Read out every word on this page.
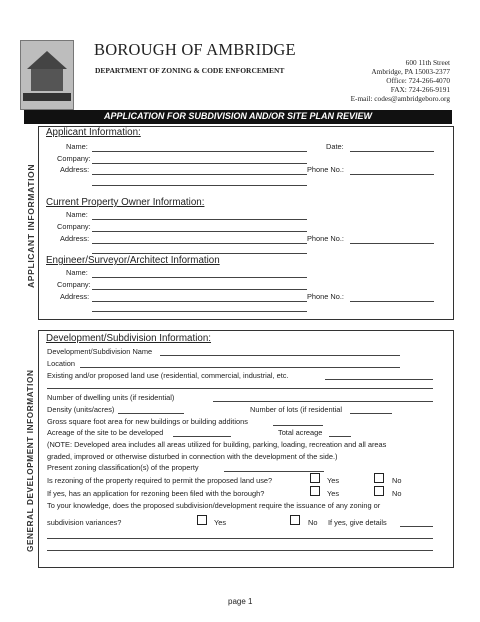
BOROUGH OF AMBRIDGE
DEPARTMENT OF ZONING & CODE ENFORCEMENT
600 11th Street
Ambridge, PA 15003-2377
Office: 724-266-4070
FAX: 724-266-9191
E-mail: codes@ambridgeboro.org
APPLICATION FOR SUBDIVISION AND/OR SITE PLAN REVIEW
APPLICANT INFORMATION
Applicant Information:
Name:	Date:
Company:
Address:	Phone No.:
Current Property Owner Information:
Name:
Company:
Address:	Phone No.:
Engineer/Surveyor/Architect Information
Name:
Company:
Address:	Phone No.:
GENERAL DEVELOPMENT INFORMATION
Development/Subdivision Information:
Development/Subdivision Name
Location
Existing and/or proposed land use (residential, commercial, industrial, etc.
Number of dwelling units (if residential)
Density (units/acres)	Number of lots (if residential
Gross square foot area for new buildings or building additions
Acreage of the site to be developed	Total acreage
(NOTE: Developed area includes all areas utilized for building, parking, loading, recreation and all areas
graded, improved or otherwise disturbed in connection with the development of the side.)
Present zoning classification(s) of the property
Is rezoning of the property required to permit the proposed land use?	Yes	No
If yes, has an application for rezoning been filed with the borough?	Yes	No
To your knowledge, does the proposed subdivision/development require the issuance of any zoning or
subdivision variances?	Yes	No If yes, give details
page 1
